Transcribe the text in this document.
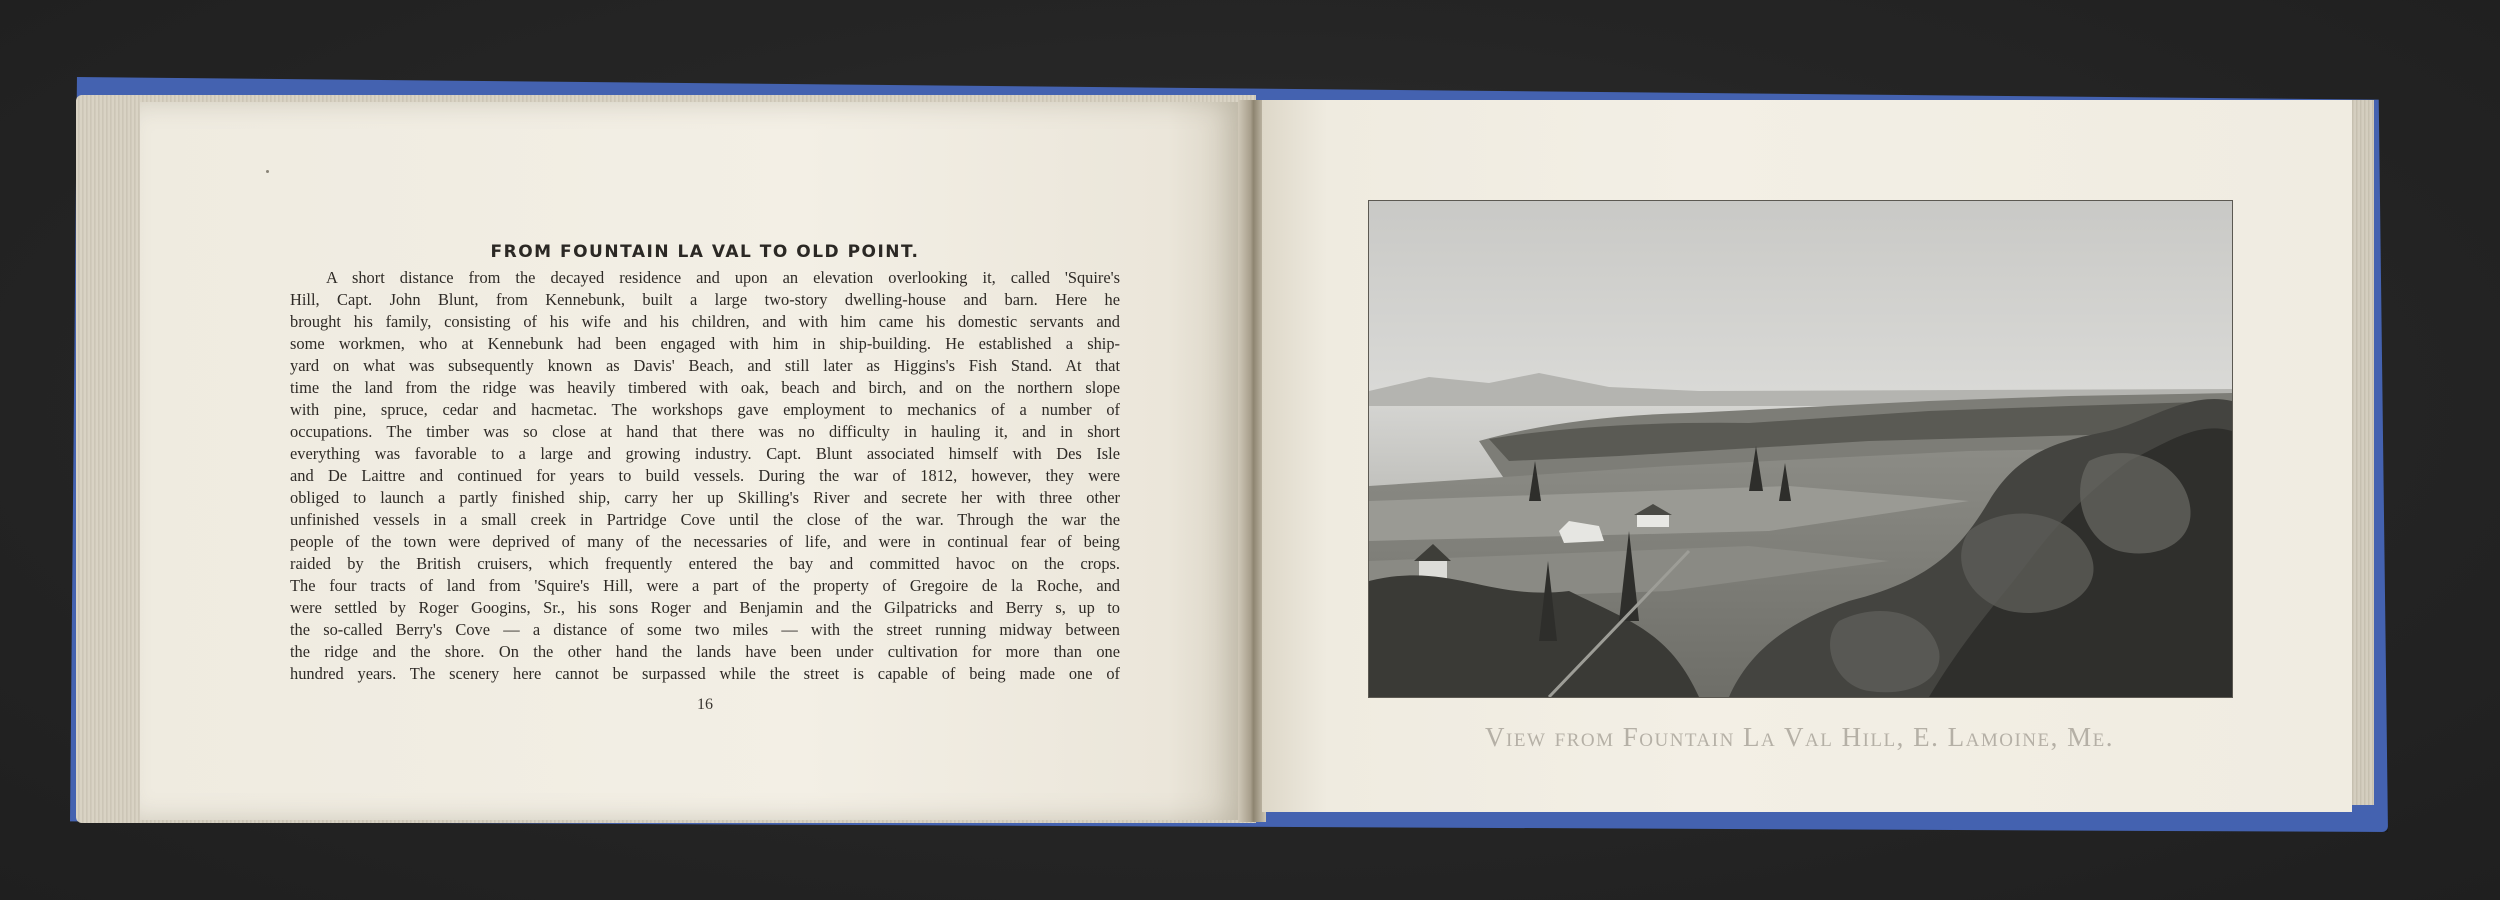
FROM FOUNTAIN LA VAL TO OLD POINT.
A short distance from the decayed residence and upon an elevation overlooking it, called 'Squire's
Hill, Capt. John Blunt, from Kennebunk, built a large two-story dwelling-house and barn. Here he
brought his family, consisting of his wife and his children, and with him came his domestic servants and
some workmen, who at Kennebunk had been engaged with him in ship-building. He established a ship-
yard on what was subsequently known as Davis' Beach, and still later as Higgins's Fish Stand. At that
time the land from the ridge was heavily timbered with oak, beach and birch, and on the northern slope
with pine, spruce, cedar and hacmetac. The workshops gave employment to mechanics of a number of
occupations. The timber was so close at hand that there was no difficulty in hauling it, and in short
everything was favorable to a large and growing industry. Capt. Blunt associated himself with Des Isle
and De Laittre and continued for years to build vessels. During the war of 1812, however, they were
obliged to launch a partly finished ship, carry her up Skilling's River and secrete her with three other
unfinished vessels in a small creek in Partridge Cove until the close of the war. Through the war the
people of the town were deprived of many of the necessaries of life, and were in continual fear of being
raided by the British cruisers, which frequently entered the bay and committed havoc on the crops.
The four tracts of land from 'Squire's Hill, were a part of the property of Gregoire de la Roche, and
were settled by Roger Googins, Sr., his sons Roger and Benjamin and the Gilpatricks and Berry s, up to
the so-called Berry's Cove — a distance of some two miles — with the street running midway between
the ridge and the shore. On the other hand the lands have been under cultivation for more than one
hundred years. The scenery here cannot be surpassed while the street is capable of being made one of
16
View from Fountain La Val Hill, E. Lamoine, Me.
